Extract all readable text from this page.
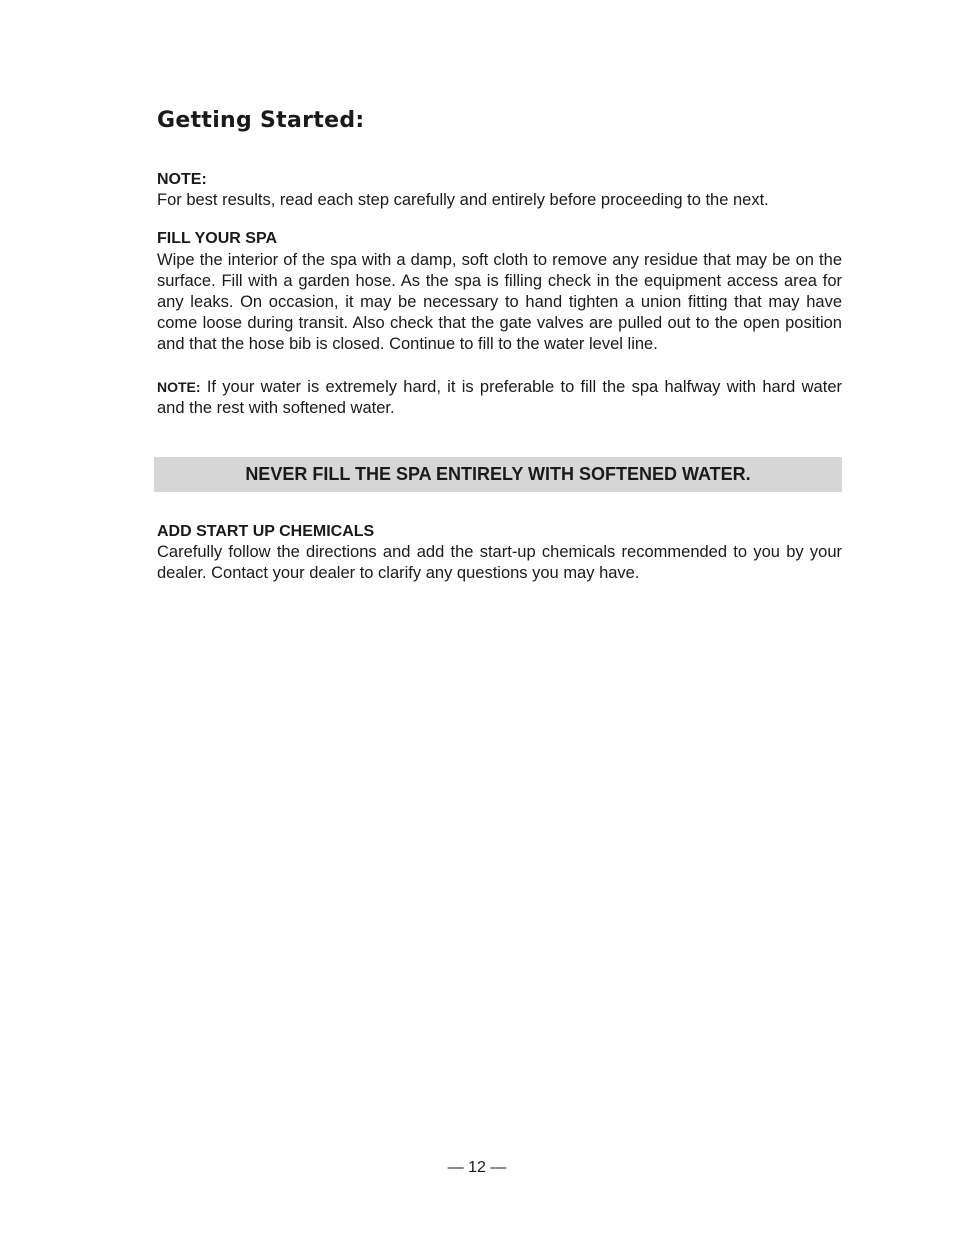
Getting Started:

NOTE:

For best results, read each step carefully and entirely before proceeding to the next.

FILL YOUR SPA

Wipe the interior of the spa with a damp, soft cloth to remove any residue that may be on the surface. Fill with a garden hose. As the spa is filling check in the equipment access area for any leaks. On occasion, it may be necessary to hand tighten a union fitting that may have come loose during transit. Also check that the gate valves are pulled out to the open position and that the hose bib is closed. Continue to fill to the water level line.

NOTE: If your water is extremely hard, it is preferable to fill the spa halfway with hard water and the rest with softened water.

NEVER FILL THE SPA ENTIRELY WITH SOFTENED WATER.

ADD START UP CHEMICALS

Carefully follow the directions and add the start-up chemicals recommended to you by your dealer. Contact your dealer to clarify any questions you may have.

— 12 —
